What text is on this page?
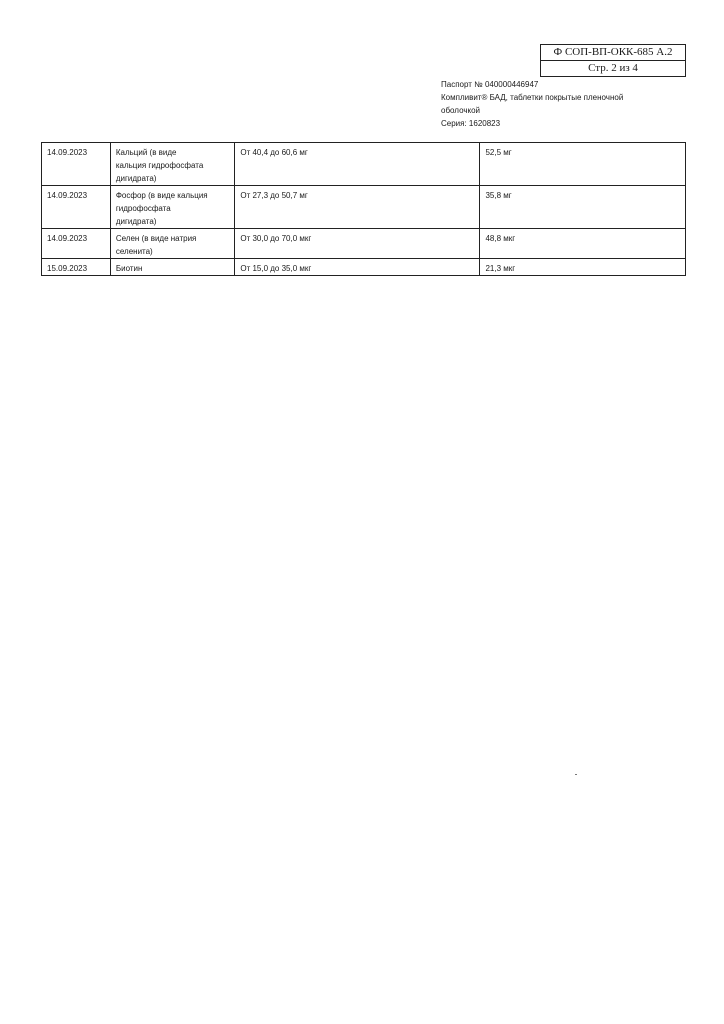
Ф СОП-ВП-ОКК-685 А.2
Стр. 2 из 4
Паспорт № 040000446947
Компливит® БАД, таблетки покрытые пленочной
оболочкой
Серия: 1620823
14.09.2023	Кальций (в виде
кальция гидрофосфата
дигидрата)	От 40,4 до 60,6 мг	52,5 мг
14.09.2023	Фосфор (в виде кальция
гидрофосфата
дигидрата)	От 27,3 до 50,7 мг	35,8 мг
14.09.2023	Селен (в виде натрия
селенита)	От 30,0 до 70,0 мкг	48,8 мкг
15.09.2023	Биотин	От 15,0 до 35,0 мкг	21,3 мкг
